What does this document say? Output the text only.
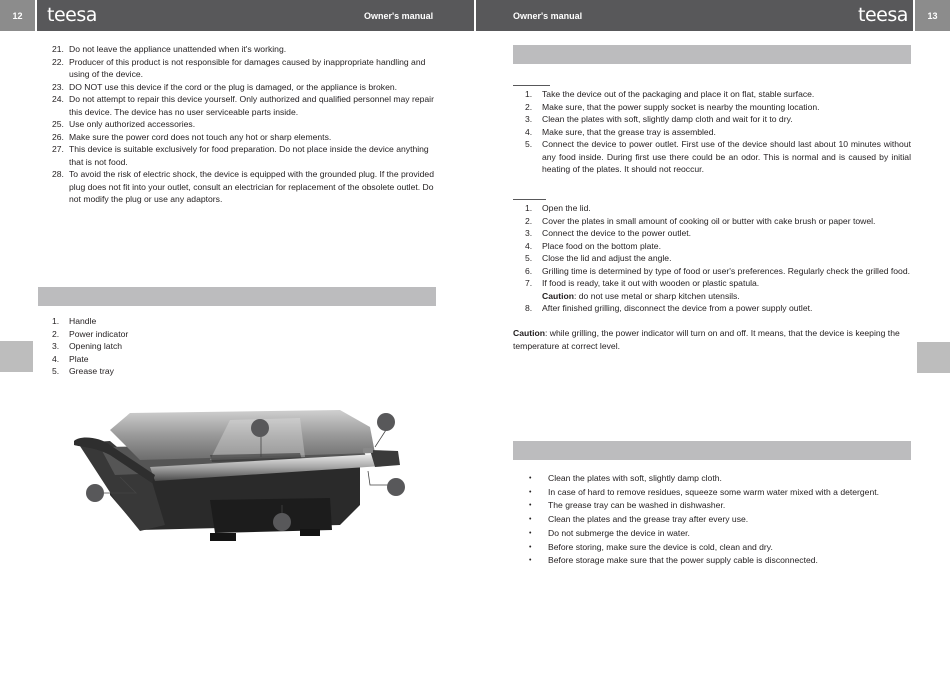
12	teesa	Owner's manual	Owner's manual	teesa	13
21. Do not leave the appliance unattended when it's working.
22. Producer of this product is not responsible for damages caused by inappropriate handling and using of the device.
23. DO NOT use this device if the cord or the plug is damaged, or the appliance is broken.
24. Do not attempt to repair this device yourself. Only authorized and qualified personnel may repair this device. The device has no user serviceable parts inside.
25. Use only authorized accessories.
26. Make sure the power cord does not touch any hot or sharp elements.
27. This device is suitable exclusively for food preparation. Do not place inside the device anything that is not food.
28. To avoid the risk of electric shock, the device is equipped with the grounded plug. If the provided plug does not fit into your outlet, consult an electrician for replacement of the obsolete outlet. Do not modify the plug or use any adaptors.
1. Handle
2. Power indicator
3. Opening latch
4. Plate
5. Grease tray
1. Take the device out of the packaging and place it on flat, stable surface.
2. Make sure, that the power supply socket is nearby the mounting location.
3. Clean the plates with soft, slightly damp cloth and wait for it to dry.
4. Make sure, that the grease tray is assembled.
5. Connect the device to power outlet. First use of the device should last about 10 minutes without any food inside. During first use there could be an odor. This is normal and is caused by initial heating of the plates. It should not reoccur.
1. Open the lid.
2. Cover the plates in small amount of cooking oil or butter with cake brush or paper towel.
3. Connect the device to the power outlet.
4. Place food on the bottom plate.
5. Close the lid and adjust the angle.
6. Grilling time is determined by type of food or user's preferences. Regularly check the grilled food.
7. If food is ready, take it out with wooden or plastic spatula.
Caution: do not use metal or sharp kitchen utensils.
8. After finished grilling, disconnect the device from a power supply outlet.
Caution: while grilling, the power indicator will turn on and off. It means, that the device is keeping the temperature at correct level.
• Clean the plates with soft, slightly damp cloth.
• In case of hard to remove residues, squeeze some warm water mixed with a detergent.
• The grease tray can be washed in dishwasher.
• Clean the plates and the grease tray after every use.
• Do not submerge the device in water.
• Before storing, make sure the device is cold, clean and dry.
• Before storage make sure that the power supply cable is disconnected.
